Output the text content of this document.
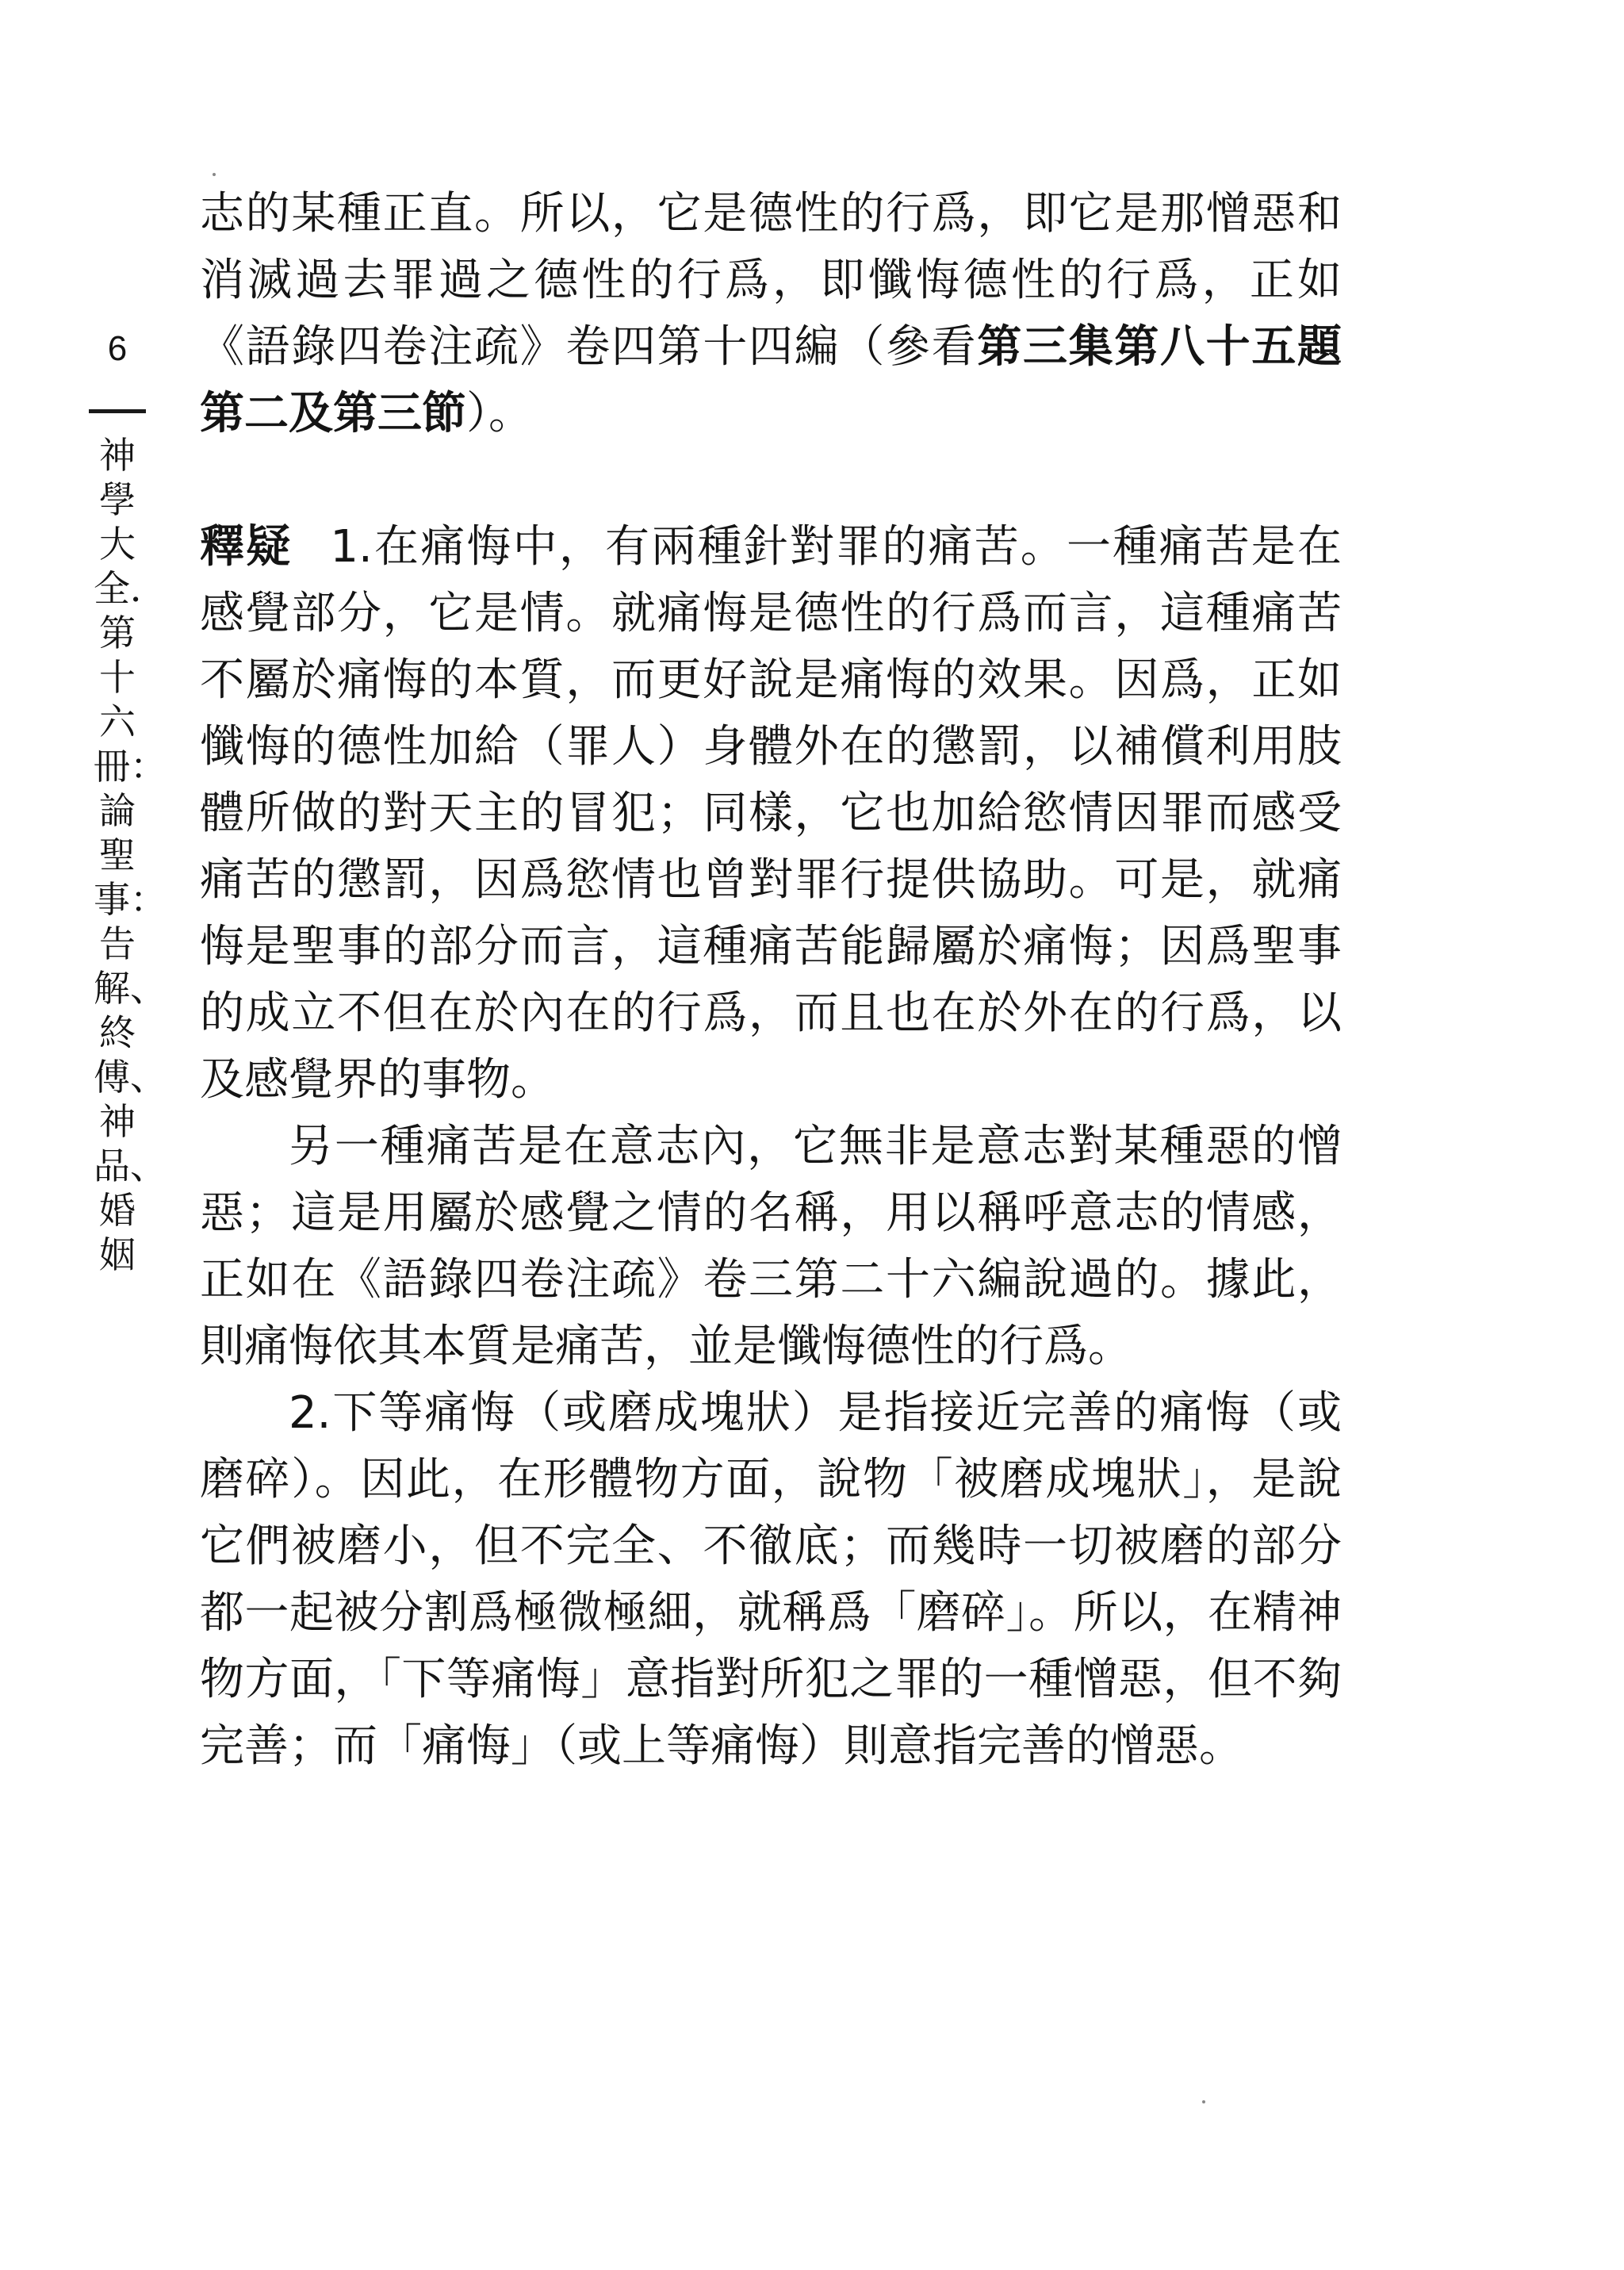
6
神學大全．第十六冊：論聖事：告解、終傅、神品、婚姻

志的某種正直。所以，它是德性的行爲，即它是那憎惡和消滅過去罪過之德性的行爲，即懺悔德性的行爲，正如《語錄四卷注疏》卷四第十四編（參看第三集第八十五題第二及第三節）。

釋疑 1.在痛悔中，有兩種針對罪的痛苦。一種痛苦是在感覺部分，它是情。就痛悔是德性的行爲而言，這種痛苦不屬於痛悔的本質，而更好說是痛悔的效果。因爲，正如懺悔的德性加給（罪人）身體外在的懲罰，以補償利用肢體所做的對天主的冒犯；同樣，它也加給慾情因罪而感受痛苦的懲罰，因爲慾情也曾對罪行提供協助。可是，就痛悔是聖事的部分而言，這種痛苦能歸屬於痛悔；因爲聖事的成立不但在於內在的行爲，而且也在於外在的行爲，以及感覺界的事物。

另一種痛苦是在意志內，它無非是意志對某種惡的憎惡；這是用屬於感覺之情的名稱，用以稱呼意志的情感，正如在《語錄四卷注疏》卷三第二十六編說過的。據此，則痛悔依其本質是痛苦，並是懺悔德性的行爲。

2.下等痛悔（或磨成塊狀）是指接近完善的痛悔（或磨碎）。因此，在形體物方面，說物「被磨成塊狀」，是說它們被磨小，但不完全、不徹底；而幾時一切被磨的部分都一起被分割爲極微極細，就稱爲「磨碎」。所以，在精神物方面，「下等痛悔」意指對所犯之罪的一種憎惡，但不夠完善；而「痛悔」（或上等痛悔）則意指完善的憎惡。
